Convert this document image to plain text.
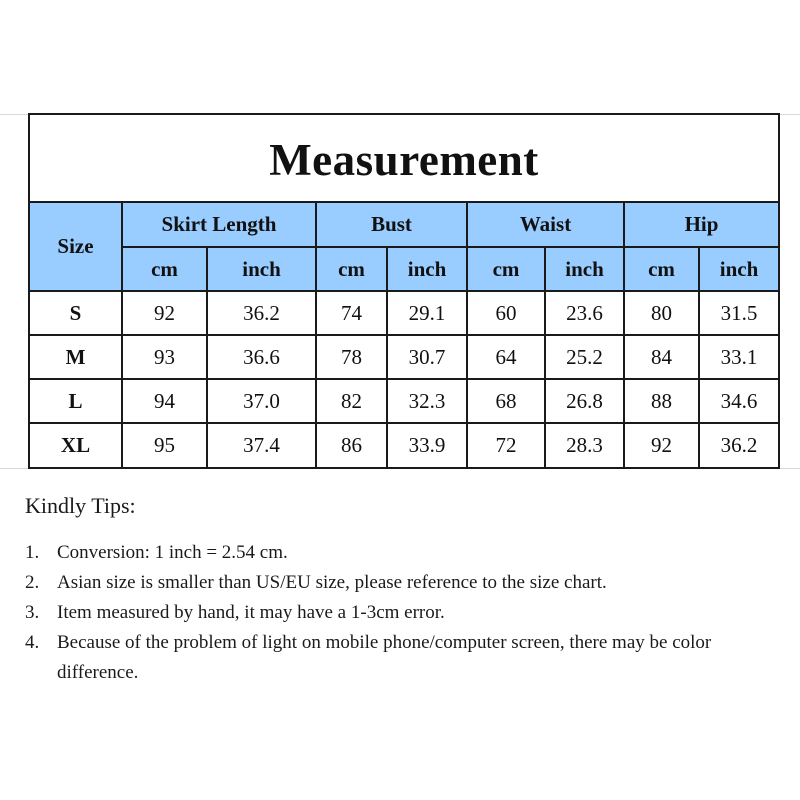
Measurement
Size	Skirt Length		Bust		Waist		Hip	
	cm	inch	cm	inch	cm	inch	cm	inch
S	92	36.2	74	29.1	60	23.6	80	31.5
M	93	36.6	78	30.7	64	25.2	84	33.1
L	94	37.0	82	32.3	68	26.8	88	34.6
XL	95	37.4	86	33.9	72	28.3	92	36.2
Kindly Tips:
1. Conversion: 1 inch = 2.54 cm.
2. Asian size is smaller than US/EU size, please reference to the size chart.
3. Item measured by hand, it may have a 1-3cm error.
4. Because of the problem of light on mobile phone/computer screen, there may be color difference.
